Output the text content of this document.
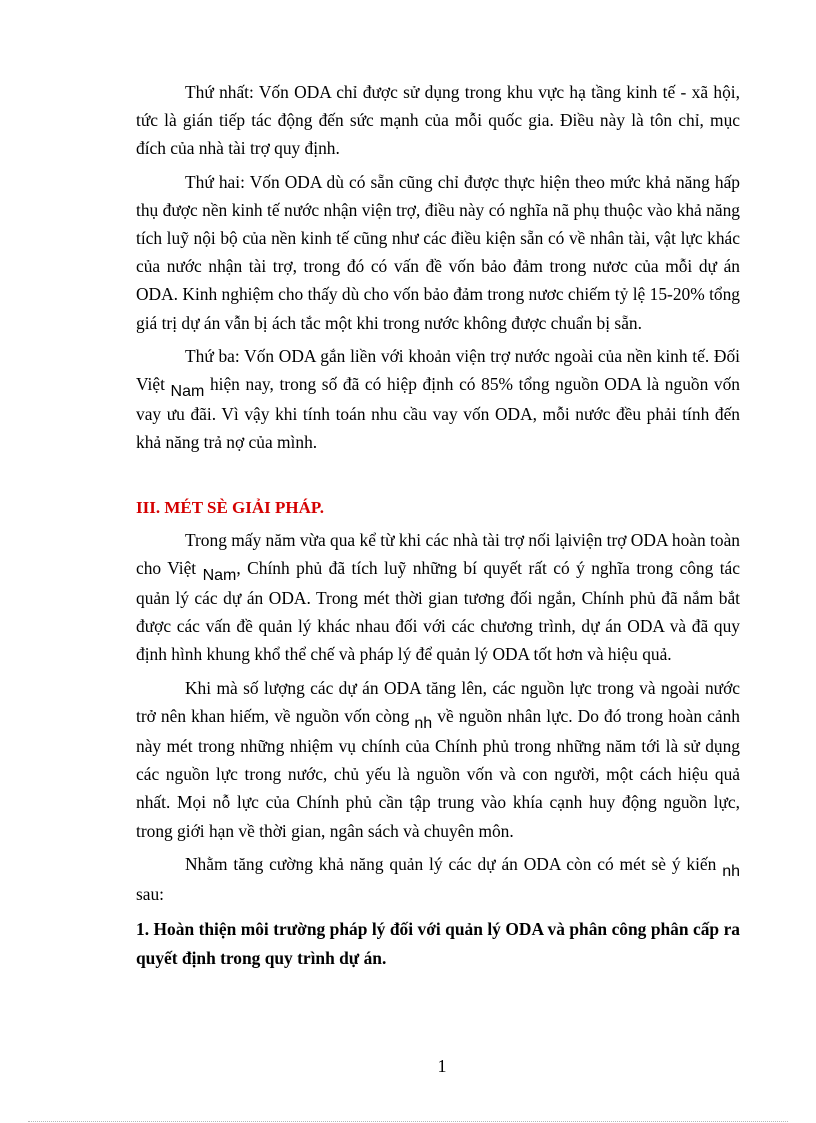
Thứ nhất: Vốn ODA chỉ được sử dụng trong khu vực hạ tầng kinh tế - xã hội, tức là gián tiếp tác động đến sức mạnh của mỗi quốc gia. Điều này là tôn chỉ, mục đích của nhà tài trợ quy định.

Thứ hai: Vốn ODA dù có sẵn cũng chỉ được thực hiện theo mức khả năng hấp thụ được nền kinh tế nước nhận viện trợ, điều này có nghĩa nã phụ thuộc vào khả năng tích luỹ nội bộ của nền kinh tế cũng như các điều kiện sẵn có về nhân tài, vật lực khác của nước nhận tài trợ, trong đó có vấn đề vốn bảo đảm trong nươc của mỗi dự án ODA. Kinh nghiệm cho thấy dù cho vốn bảo đảm trong nươc chiếm tỷ lệ 15-20% tổng giá trị dự án vẫn bị ách tắc một khi trong nước không được chuẩn bị sẵn.

Thứ ba: Vốn ODA gắn liền với khoản viện trợ nước ngoài của nền kinh tế. Đối Việt Nam hiện nay, trong số đã có hiệp định có 85% tổng nguồn ODA là nguồn vốn vay ưu đãi. Vì vậy khi tính toán nhu cầu vay vốn ODA, mỗi nước đều phải tính đến khả năng trả nợ của mình.

III. MÉT SÈ GIẢI PHÁP.

Trong mấy năm vừa qua kể từ khi các nhà tài trợ nối lạiviện trợ ODA hoàn toàn cho Việt Nam, Chính phủ đã tích luỹ những bí quyết rất có ý nghĩa trong công tác quản lý các dự án ODA. Trong mét thời gian tương đối ngắn, Chính phủ đã nắm bắt được các vấn đề quản lý khác nhau đối với các chương trình, dự án ODA và đã quy định hình khung khổ thể chế và pháp lý để quản lý ODA tốt hơn và hiệu quả.

Khi mà số lượng các dự án ODA tăng lên, các nguồn lực trong và ngoài nước trở nên khan hiếm, về nguồn vốn còng nh về nguồn nhân lực. Do đó trong hoàn cảnh này mét trong những nhiệm vụ chính của Chính phủ trong những năm tới là sử dụng các nguồn lực trong nước, chủ yếu là nguồn vốn và con người, một cách hiệu quả nhất. Mọi nỗ lực của Chính phủ cần tập trung vào khía cạnh huy động nguồn lực, trong giới hạn về thời gian, ngân sách và chuyên môn.

Nhằm tăng cường khả năng quản lý các dự án ODA còn có mét sè ý kiến nh sau:

1. Hoàn thiện môi trường pháp lý đối với quản lý ODA và phân công phân cấp ra quyết định trong quy trình dự án.

1
